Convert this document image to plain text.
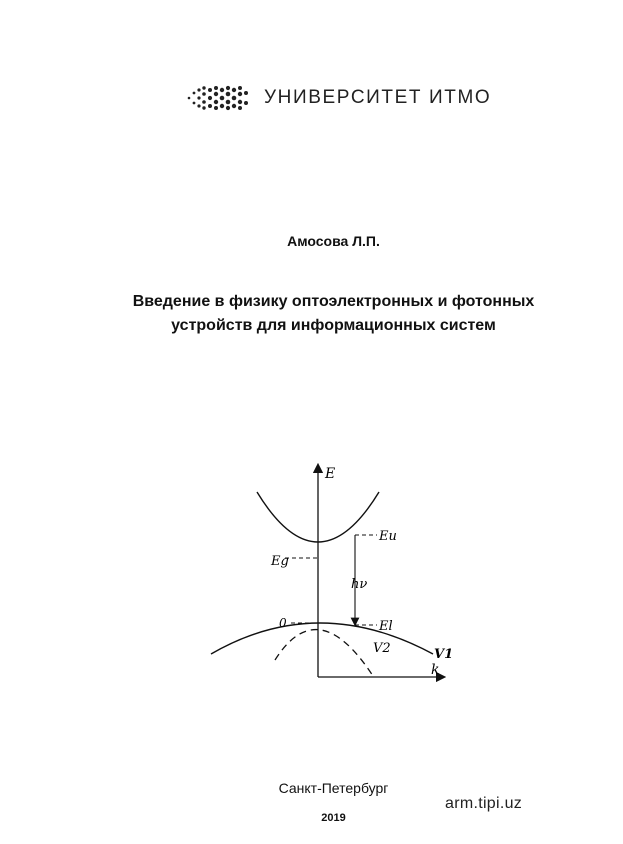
УНИВЕРСИТЕТ ИТМО
Амосова Л.П.
Введение в физику оптоэлектронных и фотонных
устройств для информационных систем
E
k
Eu
Eg
hν
0	El
V2	V1
Санкт-Петербург
2019
arm.tipi.uz
